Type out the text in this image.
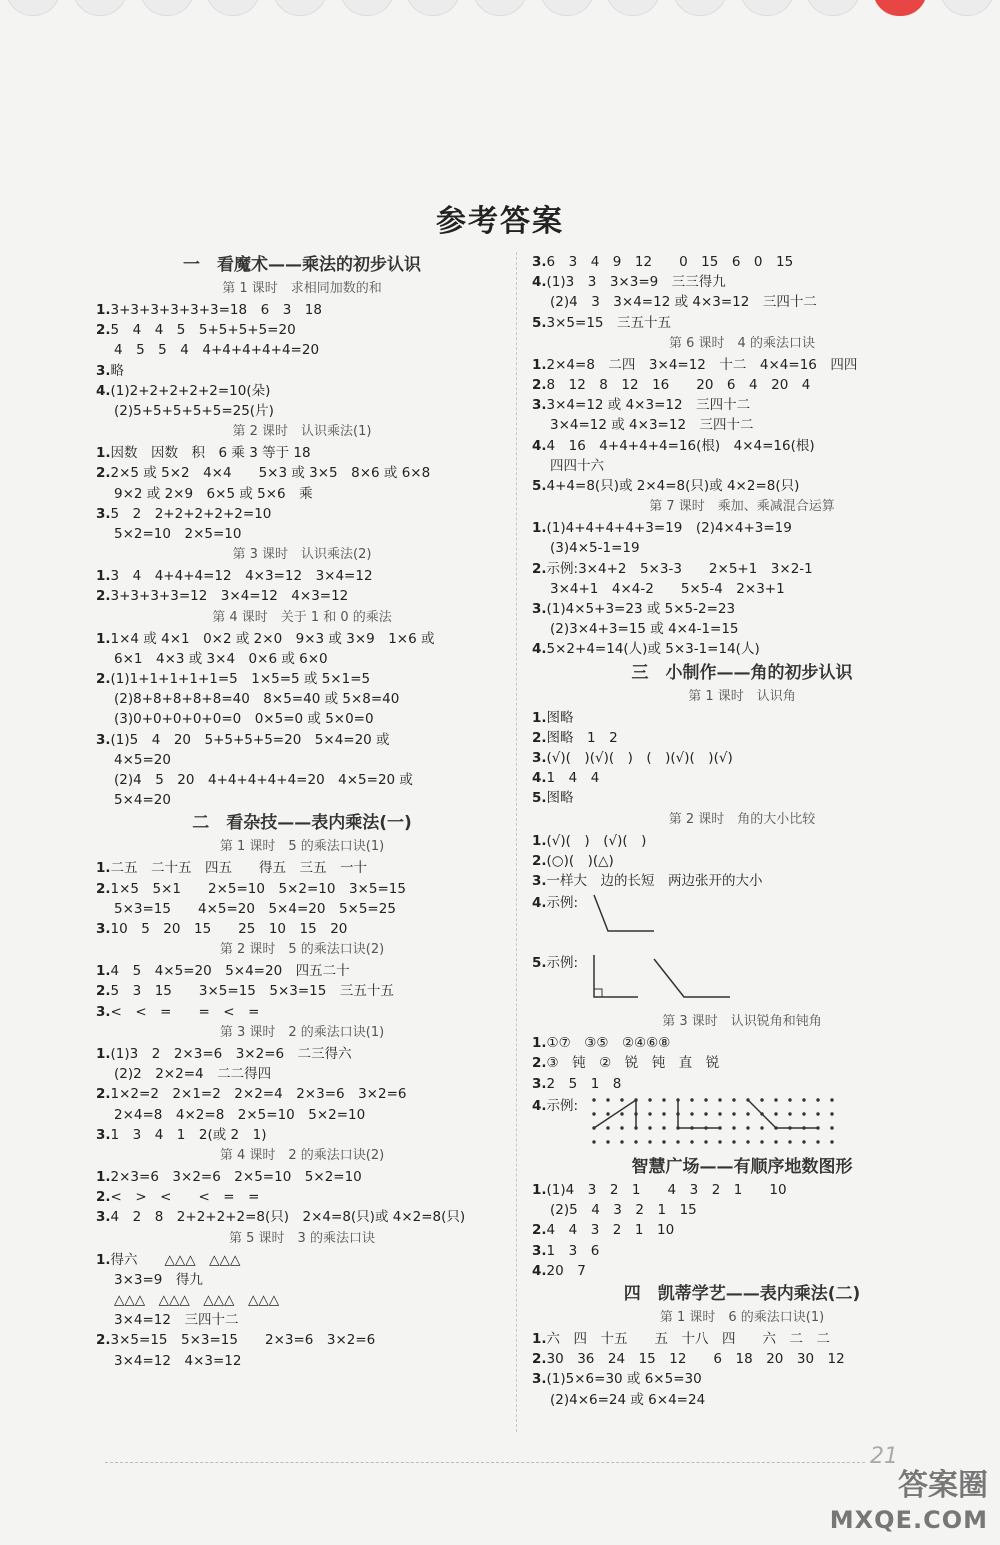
参考答案
一　看魔术——乘法的初步认识
第 1 课时　求相同加数的和
1.3+3+3+3+3+3=18　6　3　18
2.5　4　4　5　5+5+5+5=20
4　5　5　4　4+4+4+4+4=20
3.略
4.(1)2+2+2+2+2=10(朵)
(2)5+5+5+5+5=25(片)
第 2 课时　认识乘法(1)
1.因数　因数　积　6 乘 3 等于 18
2.2×5 或 5×2　4×4　　5×3 或 3×5　8×6 或 6×8
9×2 或 2×9　6×5 或 5×6　乘
3.5　2　2+2+2+2+2=10
5×2=10　2×5=10
第 3 课时　认识乘法(2)
1.3　4　4+4+4=12　4×3=12　3×4=12
2.3+3+3+3=12　3×4=12　4×3=12
第 4 课时　关于 1 和 0 的乘法
1.1×4 或 4×1　0×2 或 2×0　9×3 或 3×9　1×6 或
6×1　4×3 或 3×4　0×6 或 6×0
2.(1)1+1+1+1+1=5　1×5=5 或 5×1=5
(2)8+8+8+8+8=40　8×5=40 或 5×8=40
(3)0+0+0+0+0=0　0×5=0 或 5×0=0
3.(1)5　4　20　5+5+5+5=20　5×4=20 或
4×5=20
(2)4　5　20　4+4+4+4+4=20　4×5=20 或
5×4=20
二　看杂技——表内乘法(一)
第 1 课时　5 的乘法口诀(1)
1.二五　二十五　四五　　得五　三五　一十
2.1×5　5×1　　2×5=10　5×2=10　3×5=15
5×3=15　　4×5=20　5×4=20　5×5=25
3.10　5　20　15　　25　10　15　20
第 2 课时　5 的乘法口诀(2)
1.4　5　4×5=20　5×4=20　四五二十
2.5　3　15　　3×5=15　5×3=15　三五十五
3.<　<　=　　=　<　=
第 3 课时　2 的乘法口诀(1)
1.(1)3　2　2×3=6　3×2=6　二三得六
(2)2　2×2=4　二二得四
2.1×2=2　2×1=2　2×2=4　2×3=6　3×2=6
2×4=8　4×2=8　2×5=10　5×2=10
3.1　3　4　1　2(或 2　1)
第 4 课时　2 的乘法口诀(2)
1.2×3=6　3×2=6　2×5=10　5×2=10
2.<　>　<　　<　=　=
3.4　2　8　2+2+2+2=8(只)　2×4=8(只)或 4×2=8(只)
第 5 课时　3 的乘法口诀
1.得六　　△△△　△△△
3×3=9　得九
△△△　△△△　△△△　△△△
3×4=12　三四十二
2.3×5=15　5×3=15　　2×3=6　3×2=6
3×4=12　4×3=12
3.6　3　4　9　12　　0　15　6　0　15
4.(1)3　3　3×3=9　三三得九
(2)4　3　3×4=12 或 4×3=12　三四十二
5.3×5=15　三五十五
第 6 课时　4 的乘法口诀
1.2×4=8　二四　3×4=12　十二　4×4=16　四四
2.8　12　8　12　16　　20　6　4　20　4
3.3×4=12 或 4×3=12　三四十二
3×4=12 或 4×3=12　三四十二
4.4　16　4+4+4+4=16(根)　4×4=16(根)
四四十六
5.4+4=8(只)或 2×4=8(只)或 4×2=8(只)
第 7 课时　乘加、乘减混合运算
1.(1)4+4+4+4+3=19　(2)4×4+3=19
(3)4×5-1=19
2.示例:3×4+2　5×3-3　　2×5+1　3×2-1
3×4+1　4×4-2　　5×5-4　2×3+1
3.(1)4×5+3=23 或 5×5-2=23
(2)3×4+3=15 或 4×4-1=15
4.5×2+4=14(人)或 5×3-1=14(人)
三　小制作——角的初步认识
第 1 课时　认识角
1.图略
2.图略　1　2
3.(√)(　)(√)(　)　(　)(√)(　)(√)
4.1　4　4
5.图略
第 2 课时　角的大小比较
1.(√)(　)　(√)(　)
2.(○)(　)(△)
3.一样大　边的长短　两边张开的大小
4.示例:
5.示例:
第 3 课时　认识锐角和钝角
1.①⑦　③⑤　②④⑥⑧
2.③　钝　②　锐　钝　直　锐
3.2　5　1　8
4.示例:
智慧广场——有顺序地数图形
1.(1)4　3　2　1　　4　3　2　1　　10
(2)5　4　3　2　1　15
2.4　4　3　2　1　10
3.1　3　6
4.20　7
四　凯蒂学艺——表内乘法(二)
第 1 课时　6 的乘法口诀(1)
1.六　四　十五　　五　十八　四　　六　二　二
2.30　36　24　15　12　　6　18　20　30　12
3.(1)5×6=30 或 6×5=30
(2)4×6=24 或 6×4=24
21
答案圈
MXQE.COM
